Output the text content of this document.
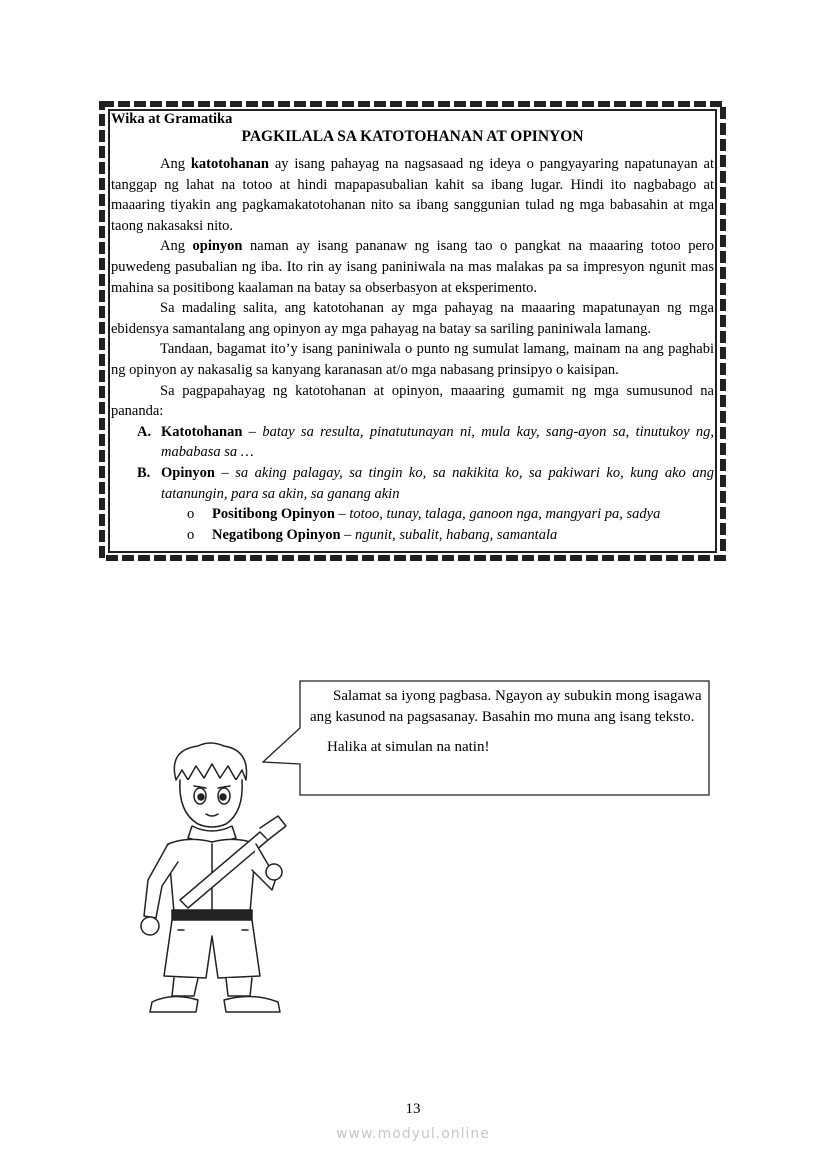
Wika at Gramatika
PAGKILALA SA KATOTOHANAN AT OPINYON

Ang katotohanan ay isang pahayag na nagsasaad ng ideya o pangyayaring napatunayan at tanggap ng lahat na totoo at hindi mapapasubalian kahit sa ibang lugar. Hindi ito nagbabago at maaaring tiyakin ang pagkamakatotohanan nito sa ibang sanggunian tulad ng mga babasahin at mga taong nakasaksi nito.

Ang opinyon naman ay isang pananaw ng isang tao o pangkat na maaaring totoo pero puwedeng pasubalian ng iba. Ito rin ay isang paniniwala na mas malakas pa sa impresyon ngunit mas mahina sa positibong kaalaman na batay sa obserbasyon at eksperimento.

Sa madaling salita, ang katotohanan ay mga pahayag na maaaring mapatunayan ng mga ebidensya samantalang ang opinyon ay mga pahayag na batay sa sariling paniniwala lamang.

Tandaan, bagamat ito’y isang paniniwala o punto ng sumulat lamang, mainam na ang paghabi ng opinyon ay nakasalig sa kanyang karanasan at/o mga nabasang prinsipyo o kaisipan.

Sa pagpapahayag ng katotohanan at opinyon, maaaring gumamit ng mga sumusunod na pananda:

A. Katotohanan – batay sa resulta, pinatutunayan ni, mula kay, sang-ayon sa, tinutukoy ng, mababasa sa …
B. Opinyon – sa aking palagay, sa tingin ko, sa nakikita ko, sa pakiwari ko, kung ako ang tatanungin, para sa akin, sa ganang akin
o Positibong Opinyon – totoo, tunay, talaga, ganoon nga, mangyari pa, sadya
o Negatibong Opinyon – ngunit, subalit, habang, samantala

Salamat sa iyong pagbasa. Ngayon ay subukin mong isagawa ang kasunod na pagsasanay. Basahin mo muna ang isang teksto.

Halika at simulan na natin!

13
www.modyul.online
